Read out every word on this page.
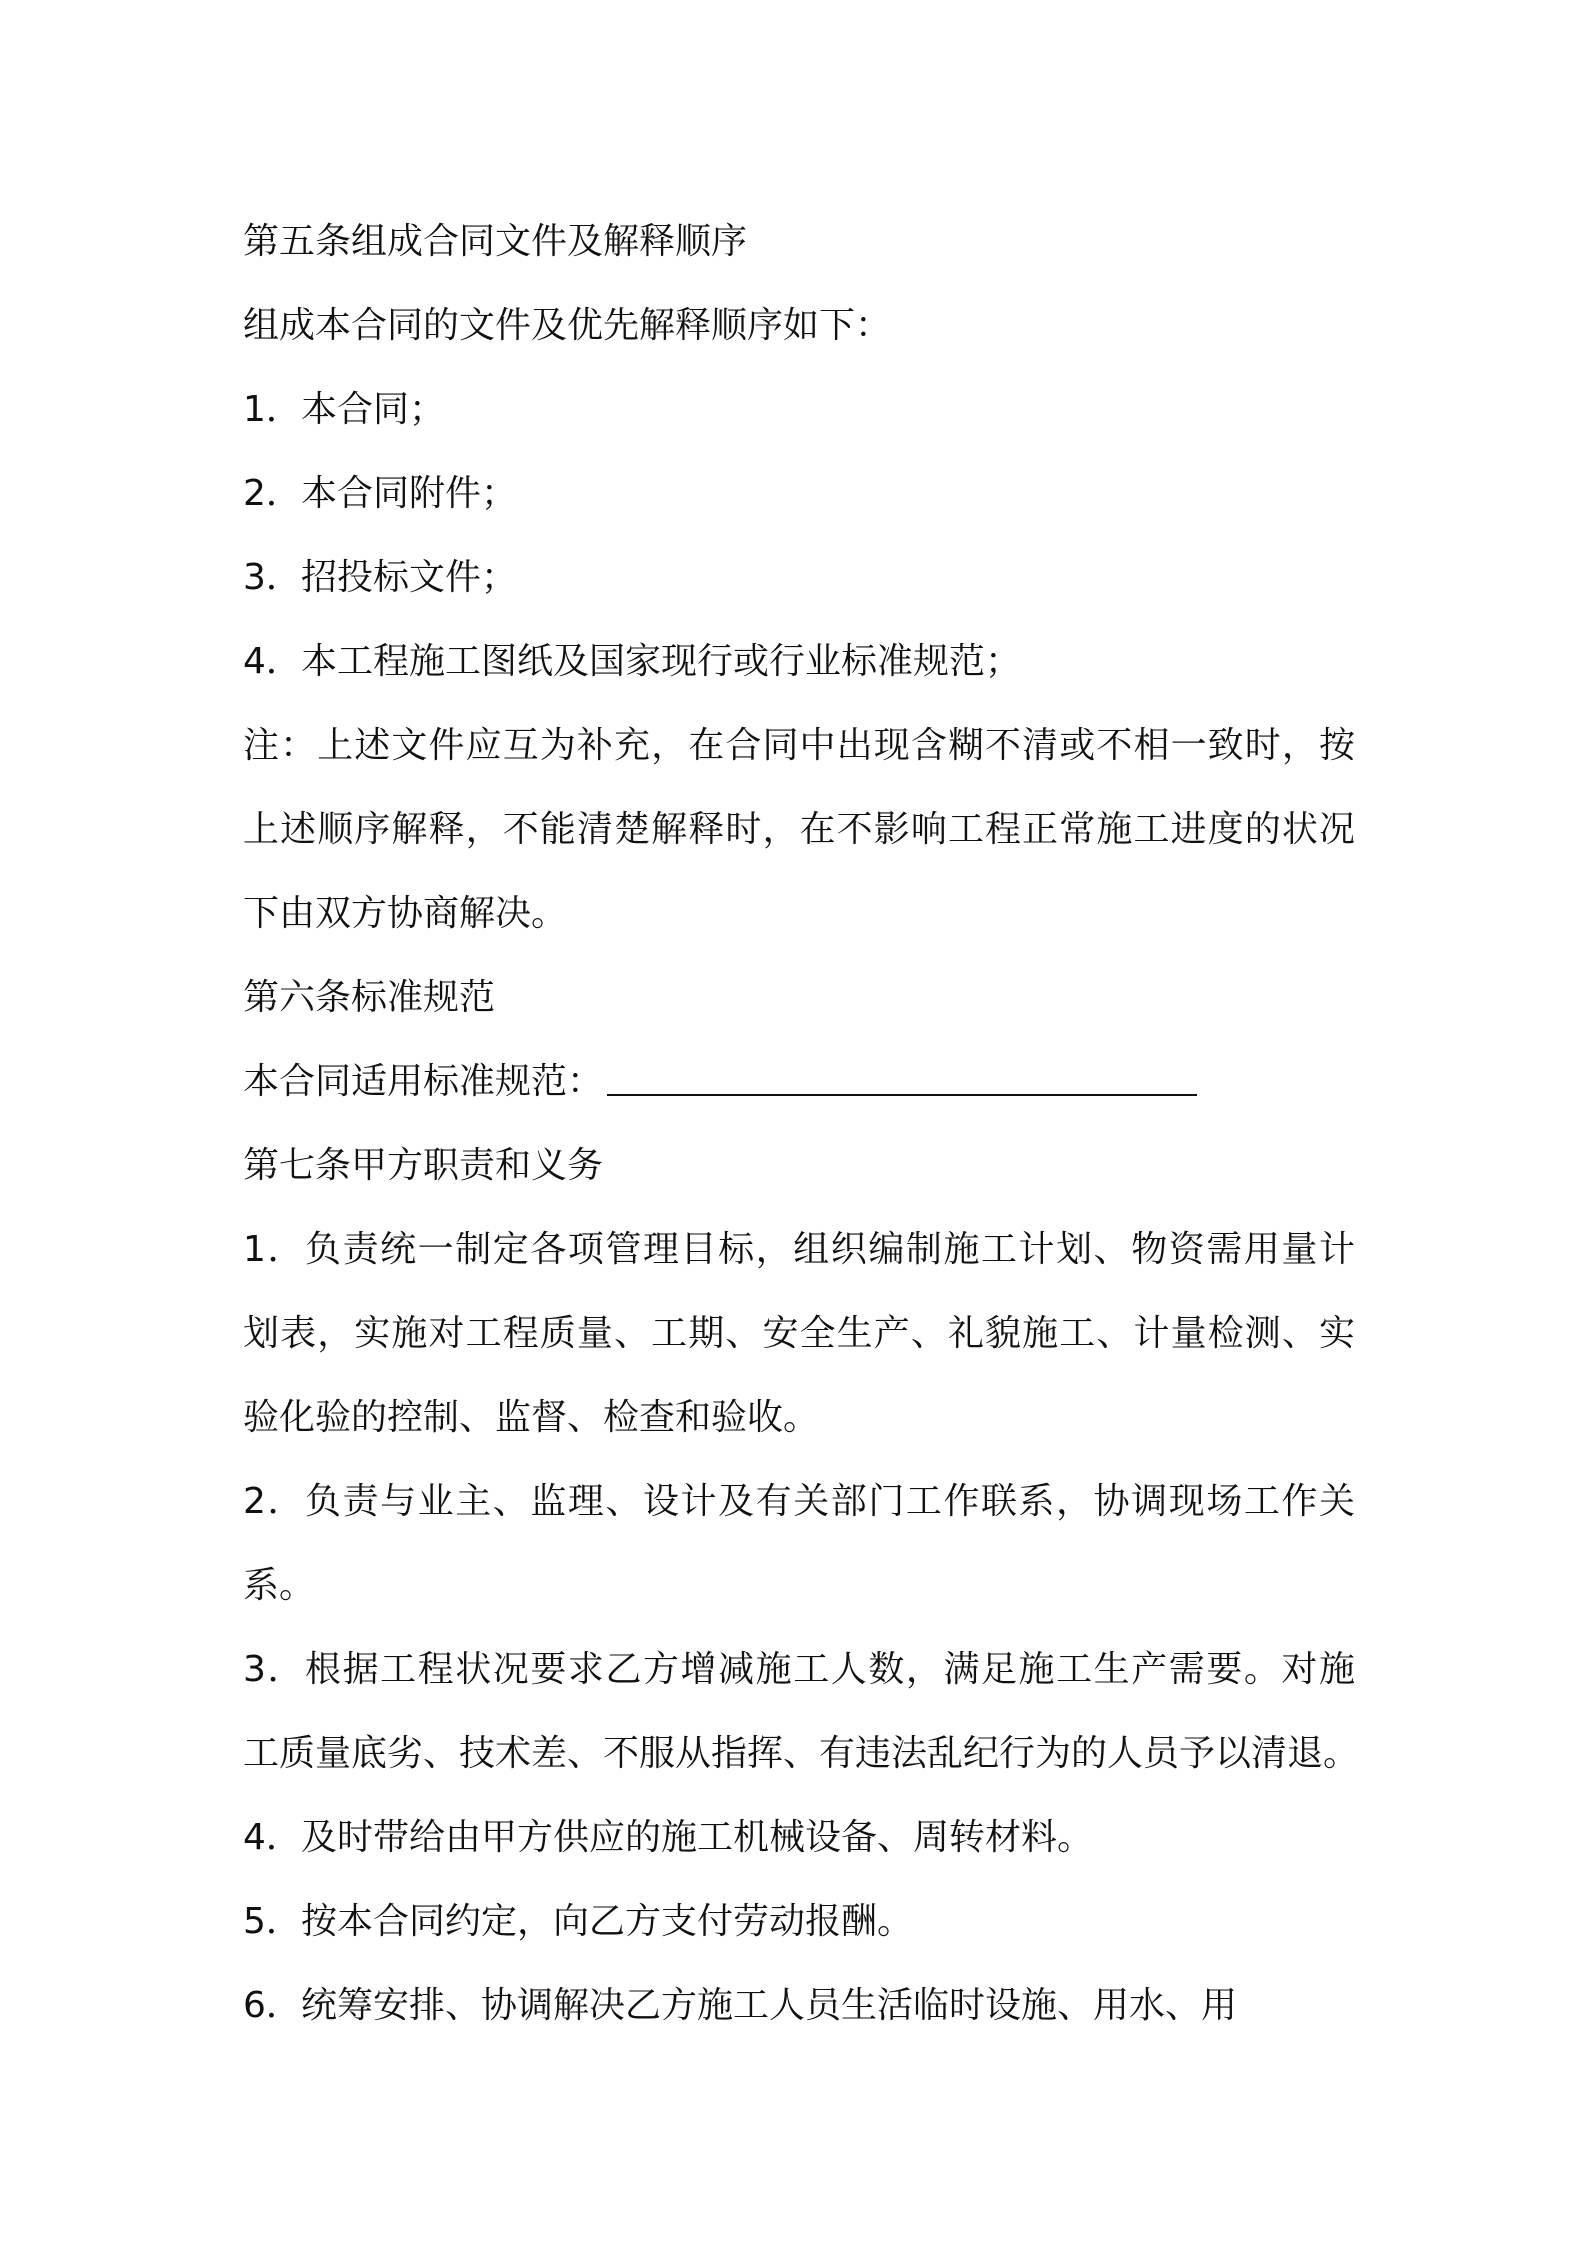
第五条组成合同文件及解释顺序
组成本合同的文件及优先解释顺序如下：
1．本合同；
2．本合同附件；
3．招投标文件；
4．本工程施工图纸及国家现行或行业标准规范；
注：上述文件应互为补充，在合同中出现含糊不清或不相一致时，按
上述顺序解释，不能清楚解释时，在不影响工程正常施工进度的状况
下由双方协商解决。
第六条标准规范
本合同适用标准规范：
第七条甲方职责和义务
1．负责统一制定各项管理目标，组织编制施工计划、物资需用量计
划表，实施对工程质量、工期、安全生产、礼貌施工、计量检测、实
验化验的控制、监督、检查和验收。
2．负责与业主、监理、设计及有关部门工作联系，协调现场工作关
系。
3．根据工程状况要求乙方增减施工人数，满足施工生产需要。对施
工质量底劣、技术差、不服从指挥、有违法乱纪行为的人员予以清退。
4．及时带给由甲方供应的施工机械设备、周转材料。
5．按本合同约定，向乙方支付劳动报酬。
6．统筹安排、协调解决乙方施工人员生活临时设施、用水、用
